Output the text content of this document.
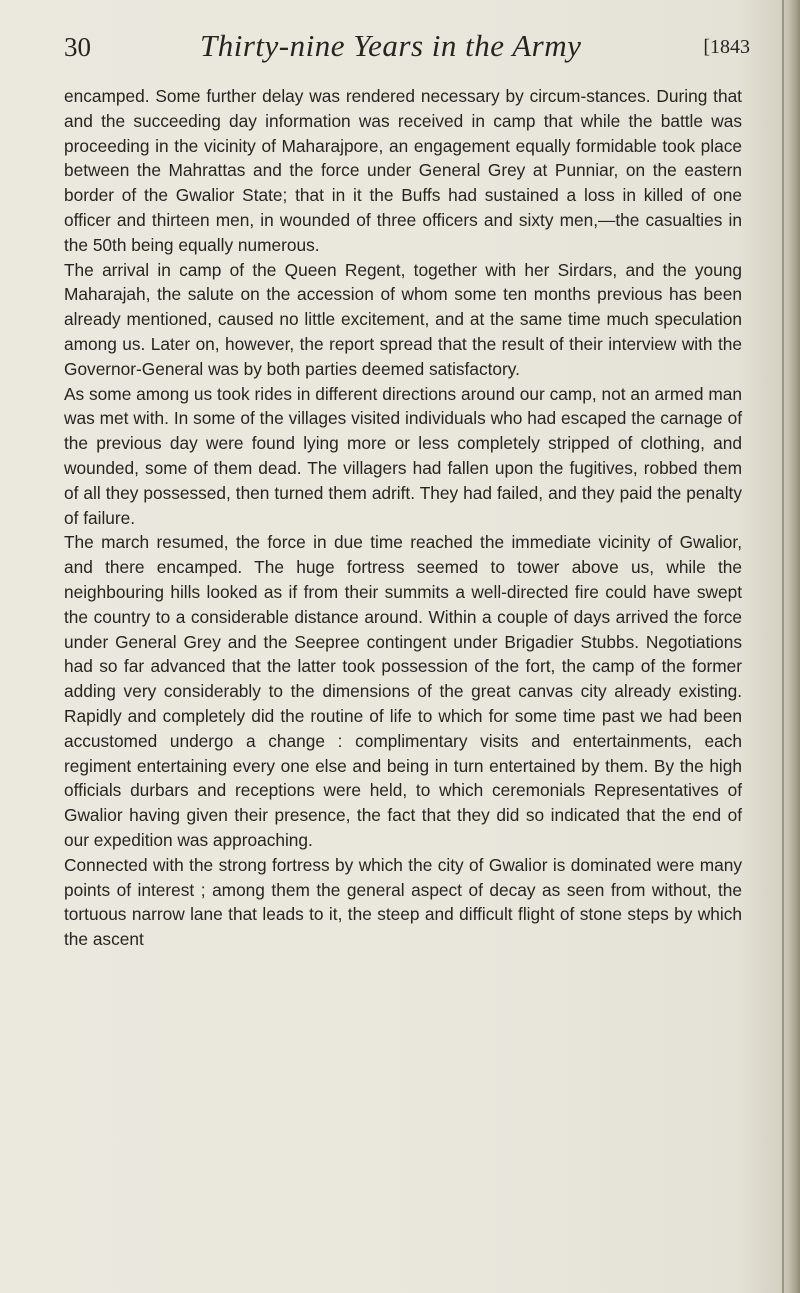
30	Thirty-nine Years in the Army	[1843

encamped. Some further delay was rendered necessary by circum-stances. During that and the succeeding day information was received in camp that while the battle was proceeding in the vicinity of Maharajpore, an engagement equally formidable took place between the Mahrattas and the force under General Grey at Punniar, on the eastern border of the Gwalior State; that in it the Buffs had sustained a loss in killed of one officer and thirteen men, in wounded of three officers and sixty men,—the casualties in the 50th being equally numerous.

The arrival in camp of the Queen Regent, together with her Sirdars, and the young Maharajah, the salute on the accession of whom some ten months previous has been already mentioned, caused no little excitement, and at the same time much speculation among us. Later on, however, the report spread that the result of their interview with the Governor-General was by both parties deemed satisfactory.

As some among us took rides in different directions around our camp, not an armed man was met with. In some of the villages visited individuals who had escaped the carnage of the previous day were found lying more or less completely stripped of clothing, and wounded, some of them dead. The villagers had fallen upon the fugitives, robbed them of all they possessed, then turned them adrift. They had failed, and they paid the penalty of failure.

The march resumed, the force in due time reached the immediate vicinity of Gwalior, and there encamped. The huge fortress seemed to tower above us, while the neighbouring hills looked as if from their summits a well-directed fire could have swept the country to a considerable distance around. Within a couple of days arrived the force under General Grey and the Seepree contingent under Brigadier Stubbs. Negotiations had so far advanced that the latter took possession of the fort, the camp of the former adding very considerably to the dimensions of the great canvas city already existing. Rapidly and completely did the routine of life to which for some time past we had been accustomed undergo a change : complimentary visits and entertainments, each regiment entertaining every one else and being in turn entertained by them. By the high officials durbars and receptions were held, to which ceremonials Representatives of Gwalior having given their presence, the fact that they did so indicated that the end of our expedition was approaching.

Connected with the strong fortress by which the city of Gwalior is dominated were many points of interest ; among them the general aspect of decay as seen from without, the tortuous narrow lane that leads to it, the steep and difficult flight of stone steps by which the ascent
